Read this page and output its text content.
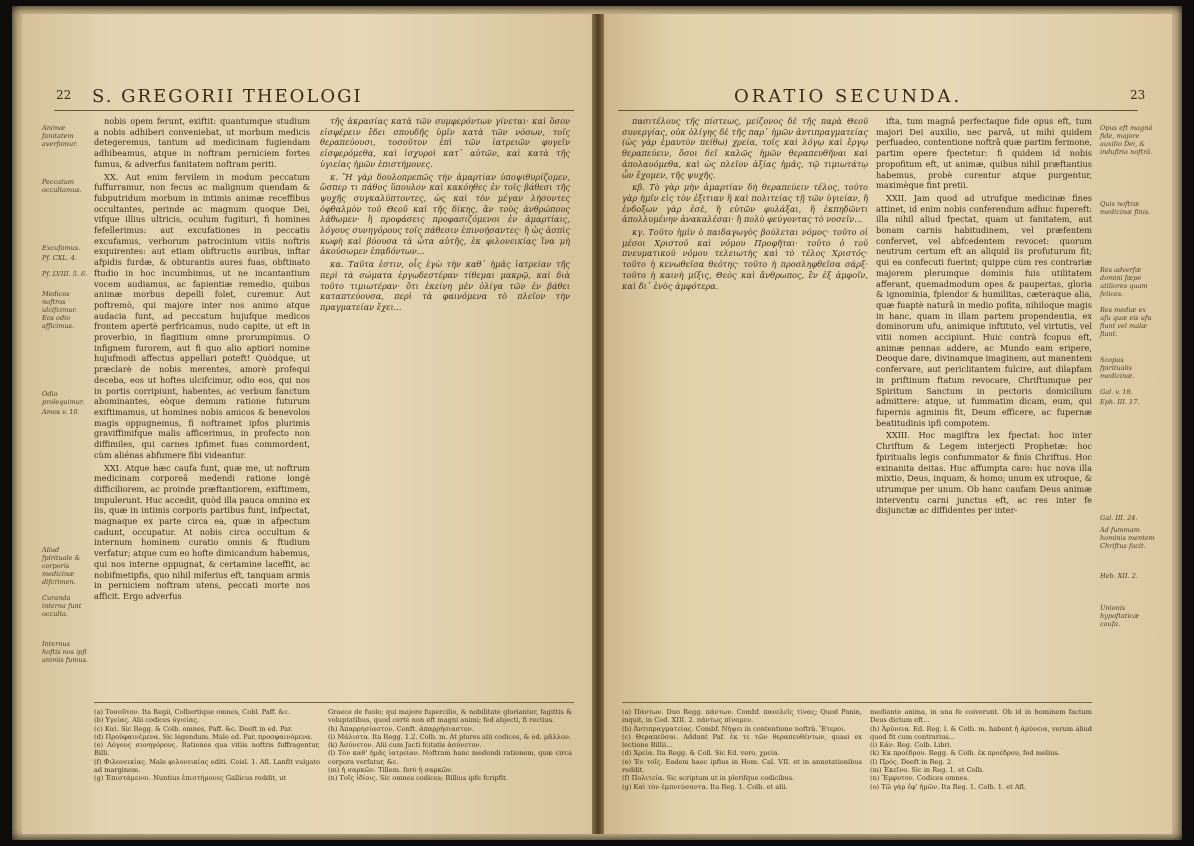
22 S. GREGORII THEOLOGI

nobis opem ferunt, exiftit: quantumque studium a nobis adhiberi conveniebat, ut morbum medicis detegeremus, tantum ad medicinam fugiendam adhibeamus, atque in noftram perniciem fortes fumus, & adverfus fanitatem noftram periti.

XX. Aut enim fervilem in modum peccatum fuffurramur, non fecus ac malignum quendam & fubputridum morbum in intimis animæ receffibus occultantes, perinde ac magnum quoque Dei, vifque illius ultricis, oculum fugituri, fi homines fefellerimus: aut excufationes in peccatis excufamus, verborum patrocinium vitiis noftris exquirentes: aut etiam obftructis auribus, inftar afpidis furdæ, & obturantis aures fuas, obftinato ftudio in hoc incumbimus, ut ne incantantium vocem audiamus, ac fapientiæ remedio, quibus animæ morbus depelli folet, curemur. Aut poftremò, qui majore inter nos animo atque audacia funt, ad peccatum hujufque medicos frontem apertè perfricamus, nudo capite, ut eft in proverbio, in flagitium omne prorumpimus. O infignem furorem, aut fi quo alio aptiori nomine hujufmodi affectus appellari poteft! Quòdque, ut præclarè de nobis merentes, amorè profequi deceba, eos ut hoftes ulcifcimur, odio eos, qui nos in portis corripiunt, habentes, ac verbum fanctum abominantes, eòque demum ratione futurum exiftimamus, ut homines nobis amicos & benevolos magis oppugnemus, fi noftramet ipfos plurimis graviffimifque malis afficerimus, in profecto non diffimiles, qui carnes ipfimet fuas commordent, cùm aliénas abfumere fibi videantur.

XXI. Atque hæc caufa funt, quæ me, ut noftrum medicinam corporeâ medendi ratione longè difficiliorem, ac proinde præftantiorem, exiftimem, impulerunt. Huc accedit, quòd illa pauca omnino ex iis, quæ in intimis corporis partibus funt, infpectat, magnaque ex parte circa ea, quæ in afpectum cadunt, occupatur. At nobis circa occultum & internum hominem curatio omnis & ftudium verfatur; atque cum eo hofte dimicandum habemus, qui nos interne oppugnat, & certamine laceffit, ac nobifmetipfis, quo nihil miferius eft, tanquam armis in perniciem noftram utens, peccati morte nos afficit. Ergo adverfus

τῆς ἀκρασίας κατὰ τῶν συμφερόντων γίνεται· καὶ ὅσον εἰσφέρειν ἔδει σπουδῆς ὑμῖν κατὰ τῶν νόσων, τοῖς θεραπεύουσι, τοσοῦτον ἐπὶ τῶν ἰατρειῶν φυγεῖν εἰσφερόμεθα, καὶ ἰσχυροὶ κατ᾽ αὐτῶν, καὶ κατὰ τῆς ὑγιείας ἡμῶν ἐπιστήμονες.

κ. Ἢ γὰρ δουλοπρεπῶς τὴν ἁμαρτίαν ὑποψιθυρίζομεν, ὥσπερ τι πάθος ὕπουλον καὶ κακόηθες ἐν τοῖς βάθεσι τῆς ψυχῆς συγκαλύπτοντες, ὡς καὶ τὸν μέγαν λήσοντες ὀφθαλμὸν τοῦ Θεοῦ καὶ τῆς δίκης, ἂν τοὺς ἀνθρώπους λάθωμεν· ἢ προφάσεις προφασιζόμενοι ἐν ἁμαρτίαις, λόγους συνηγόρους τοῖς πάθεσιν ἐπινοήσαντες· ἢ ὡς ἀσπὶς κωφὴ καὶ βύουσα τὰ ὦτα αὐτῆς, ἐκ φιλονεικίας ἵνα μὴ ἀκούσωμεν ἐπᾳδόντων...

κα. Ταῦτα ἐστιν, οἷς ἐγὼ τὴν καθ᾽ ἡμᾶς ἰατρείαν τῆς περὶ τὰ σώματα ἐργωδεστέραν τίθεμαι μακρῷ, καὶ διὰ τοῦτο τιμιωτέραν· ὅτι ἐκείνη μὲν ὀλίγα τῶν ἐν βάθει καταπτεύουσα, περὶ τὰ φαινόμενα τὸ πλεῖον τὴν πραγματείαν ἔχει...

Animæ fanitatem averfamur.
Peccatum occultamus.
Excufamus.
Pf. CXL. 4.
Pf. LVIII. 5. 6.
Medicos noftros ulcifcimur.
Eos odio afficimus.
Odio prolequimur.
Amos v. 10.
Aliud fpirituale & corporis medicinæ difcrimen.
Curanda interna funt occulta.
Internus hoftis nos ipfi animis fumus.

(a) Τοσοῦτον. Ita Regii, Colbertique omnes, Cobl. Paff. &c.

(b) Υγείας. Alii codices ὑγιείας.

(c) Καί. Sic Regg. & Colb. omnes, Paff. &c. Deeft in ed. Par.

(d) Προϋφαινέμενα. Sic legendum. Male ed. Par. προσφαινόμενα.

(e) Λόγους συνηγόρους. Rationes qua vitiis noftris fuffragentur, Billi.

(f) Φιλονεικίας. Male φιλονεικίας editi. Coisl. 1. Afl. Lanfit vulgato ad marginem.

(g) Ἐπιστάμενοι. Nuntius ἐπιστήμονες Gallicus reddit, ut

Graece de fuolo; qui majore fupercilio, & nobilitate glorianter, fagittis & voluptatibus, quod certè non eft magni animi; fed abjecti, fi rectius.

(h) Ἀπαρρησίαστον. Conft. ἀπαρρήσιαστον.

(i) Μάλιστα. Ita Regg. 1.2. Colb. m. At plures alii codices, & ed. μᾶλλον.

(k) Ἀσύνετον. Alii cum Jacti fcitatis ἀσύνετον.

(l) Τὸν καθ' ἡμᾶς ἰατρείαν. Noftram hanc medendi rationem, quæ circa corpora verfatur, &c.

(m) ἡ σαρκῶν. Tillem. ferè ἡ σαρκῶν.

(n) Τοῖς ἰδίοις. Sic omnes codices; Billius ipfe fcripfit.

ORATIO SECUNDA.	23

πασιτέλους τῆς πίστεως, μείζονος δὲ τῆς παρὰ Θεοῦ συνεργίας, οὐκ ὀλίγης δὲ τῆς παρ᾽ ἡμῶν ἀντιπραγματείας (ὡς γὰρ ἐμαυτὸν πείθω) χρεία, τοῖς καὶ λόγῳ καὶ ἔργῳ θεραπεύειν, ὅσοι δεῖ καλῶς ἡμῶν θεραπευθῆναι καὶ ἀπολαυόμεθα, καὶ ὡς πλεῖον ἀξίας ἡμᾶς, τῷ τιμιωτάτῳ ὧν ἔχομεν, τῆς ψυχῆς.

κβ. Τὸ γὰρ μὴν ἁμαρτίαν δὴ θεραπεύειν τέλος, τοῦτο γὰρ ἡμῖν εἰς τὸν ἐξιτιαν ἢ καὶ πολιτείας τῇ τῶν ὑγιείαν, ἢ ἐνδοξων γὰρ ἐσὲ, ἢ εὐτῶν φυλάξαι, ἢ ἐκπηδῶντι ἀπολλυμένην ἀνακαλέσαι· ἢ πολὺ φεύγοντας τὸ νοσεῖν...

κγ. Τοῦτο ἡμῖν ὁ παιδαγωγὸς βούλεται νόμος· τοῦτο οἱ μέσοι Χριστοῦ καὶ νόμου Προφῆται· τοῦτο ὁ τοῦ πνευματικοῦ νόμου τελειωτὴς καὶ τὸ τέλος Χριστός· τοῦτο ἡ κενωθεῖσα θεότης· τοῦτο ἡ προσληφθεῖσα σάρξ· τοῦτο ἡ καινὴ μίξις, Θεὸς καὶ ἄνθρωπος, ἓν ἐξ ἀμφοῖν, καὶ δι᾽ ἑνὸς ἀμφότερα.

ifta, tum magnâ perfectaque fide opus eft, tum majori Dei auxilio, nec parvâ, ut mihi quidem perfuadeo, contentione noftrâ quæ partim fermone, partim opere fpectetur: fi quidem id nobis propofitum eft, ut animæ, quibus nihil præftantius habemus, probè curentur atque purgentur, maximèque fint pretii.

XXII. Jam quod ad utrufque medicinæ fines attinet, id enim nobis conferendum adhuc fupereft: illa nihil aliud fpectat, quam ut fanitatem, aut bonam carnis habitudinem, vel præfentem confervet, vel abfcedentem revocet: quorum neutrum certum eft an aliquid iis profuturum fit; qui ea confecuti fuerint; quippe cùm res contrariæ majorem plerumque dominis fuis utilitatem afferant, quemadmodum opes & paupertas, gloria & ignominia, fplendor & humilitas, cæteraque alia, quæ fuaptè naturâ in medio pofita, nihiloque magis in hanc, quam in illam partem propendentia, ex dominorum ufu, animique inftituto, vel virtutis, vel vitii nomen accipiunt. Huic contrà fcopus eft, animæ pennas addere, ac Mundo eam eripere, Deoque dare, divinamque imaginem, aut manentem confervare, aut periclitantem fulcire, aut dilapfam in priftinum ftatum revocare, Chriftumque per Spiritum Sanctum in pectoris domicilium admittere: atque, ut fummatim dicam, eum, qui fupernis agminis fit, Deum efficere, ac fupernæ beatitudinis ipfi compotem.

XXIII. Hoc magiftra lex fpectat: hoc inter Chriftum & Legem interjecti Prophetæ: hoc fpiritualis legis confummator & finis Chriftus. Hoc exinanita deitas. Huc affumpta caro: huc nova illa mixtio, Deus, inquam, & homo; unum ex utroque, & utrumque per unum. Ob hanc caufam Deus animæ interventu carni junctus eft, ac res inter fe disjunctæ ac diffidentes per inter-

Opus eft magnâ fide, majore auxilio Dei, & indufiria noftrâ.
Quis noftræ medicinæ finis.
Res adverfæ domini fæpe utiliores quam felices.
Res mediæ ex ufu quæ eis ufu fiunt vel malæ fiunt.
Scopus fpiritualis medicinæ.
Gal. v. 18.
Eph. III. 17.
Gal. III. 24.
Ad fummam hominis mentem Chriftus facit.
Heb. XII. 2.
Unionis hypoftaticæ caufa.

(a) Πάντων. Duo Regg. πάντων. Combf. πανελεῖς τίνας; Quod Panin, inquit, in Cod. XIII. 2. πάντως πίνομεν.

(b) Ἀντιπραγματείας. Combf. Νήψει in contentione noftrâ. Ἕτεροι.

(c) Θεραπεῦσαι. Addunt Paf. ἐκ τε τῶν θεραπευθέντων, quasi ex lectione Billii...

(d) Χρεία. Ita Regg. & Coll. Sic Ed. vero, χρεία.

(e) Ἐν τοῖς. Eadem haec ipfius in Hom. Cal. VII. et in annotationibus reddit.

(f) Πολιτεία. Sic scriptum ut in plerifque codicibus.

(g) Καὶ τὸν ἐμπνεύσαντα. Ita Reg. 1. Colb. et alii.

mediante anima, in una fe coiverunt. Ob id in hominem factum Deus dictum eft...

(h) Ἀρύνεια. Ed. Reg. l. & Colb. m. habent ἡ ἀρύνεια, verum aliud quod fit cum contrarius...

(i) Κἀν. Reg. Colb. Libri.

(k) Ἐκ προέδρου. Regg. & Colb. ἐκ προέδρου, fed melius.

(l) Πρός. Deeft in Reg. 2.

(m) Ἐκεῖνο. Sic in Reg. 1. et Colb.

(n) Ἔμφυτον. Codices omnes.

(o) Τῶ γὰρ ἐφ' ἡμῶν. Ita Reg. 1. Colb. 1. et Afl.
